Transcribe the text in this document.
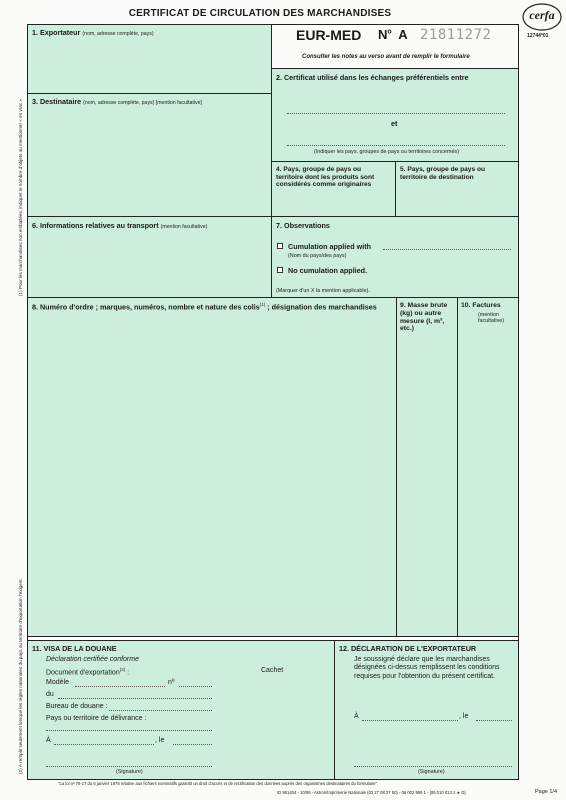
CERTIFICAT DE CIRCULATION DES MARCHANDISES	cerfa
12744*01
EUR-MED $N^o$ A 21811272
Consulter les notes au verso avant de remplir le formulaire
1. Exportateur (nom, adresse complète, pays)
2. Certificat utilisé dans les échanges préférentiels entre
et
(Indiquer les pays, groupes de pays ou territoires concernés)
3. Destinataire (nom, adresse complète, pays) [mention facultative]
4. Pays, groupe de pays ou territoire dont les produits sont considérés comme originaires
5. Pays, groupe de pays ou territoire de destination
6. Informations relatives au transport (mention facultative)	7. Observations
Cumulation applied with
(Nom du pays/des pays)
No cumulation applied.
(Marquer d'un X la mention applicable).
8. Numéro d'ordre ; marques, numéros, nombre et nature des colis$^{(1)}$ ; désignation des marchandises	9. Masse brute (kg) ou autre mesure (l, m³, etc.)
10. Factures
(mention facultative)
11. VISA DE LA DOUANE
Déclaration certifiée conforme
Document d'exportation$^{(2)}$ :	Cachet
Modèle	nº
du
Bureau de douane :
Pays ou territoire de délivrance :
À	, le
(Signature)
12. DÉCLARATION DE L'EXPORTATEUR
Je soussigné déclare que les marchandises désignées ci-dessus remplissent les conditions requises pour l'obtention du présent certificat.
À	, le
(Signature)
(1) Pour les marchandises non emballées, indiquer le nombre d'objets ou mentionner « en vrac ».
(2) À remplir seulement lorsque les règles nationales du pays ou territoire d'exportation l'exigent.
"La loi nº 78-17 du 6 janvier 1978 relative aux fichiers nominatifs garantit un droit d'accès et de rectification des données auprès des organismes destinataires du formulaire"
ID 951404 - 10/06 - Astron/Imprimerie Nationale (03 27 08 27 50) - 06 002 959 1 - [06 010 013 1 ★ D]	Page 1/4
